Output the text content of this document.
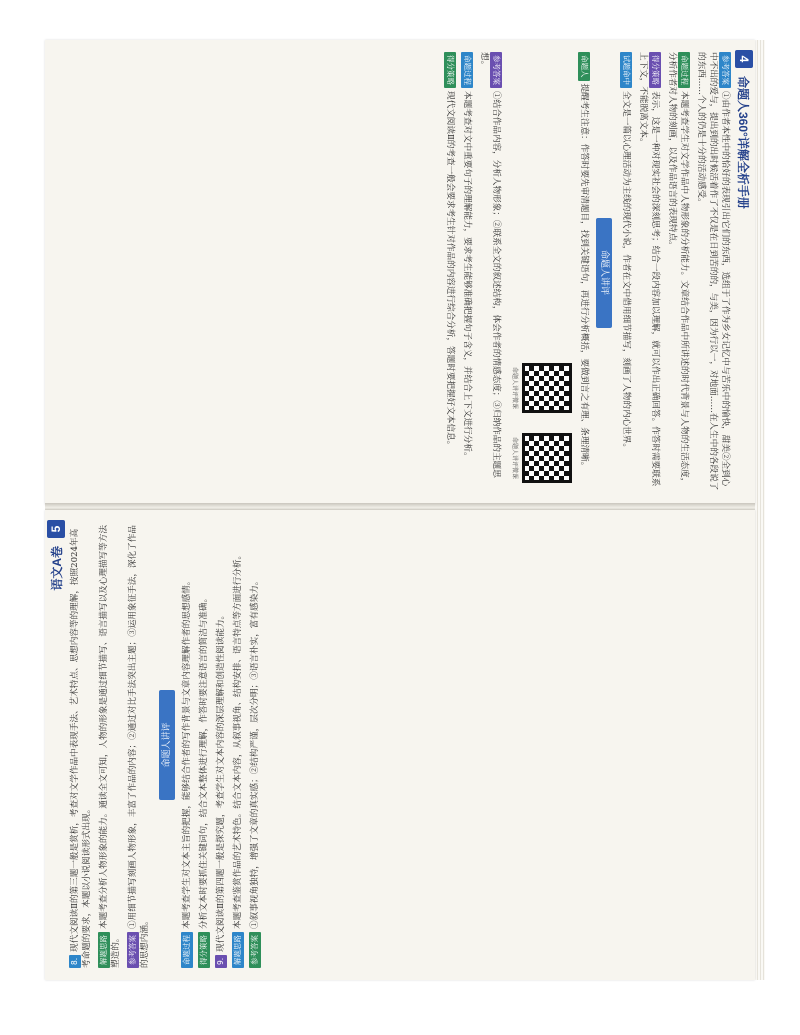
4
命题人360°详解全析手册

参考答案①由作者本性中的恰好的表现引出它们的东西，选组于了作为乡女记忆中与苦乐中的愉快，甜美②全到心中不出的爱与，提出到的出时候活着作了不仅是在日到苦的的，与美，因为行以一，对地面……在人生中的各段说了的东西……个人的仍是十分的活动感受。

命题过程本题考查学生对文学作品中人物形象的分析能力。文章结合作品中所讲述的时代背景与人物的生活态度，分析作者对人物的刻画，以及作品语言的表现特点。

得分策略表示，这是一种对现实社会的深刻思考；结合一段内容加以理解，就可以作出正确回答。作答时需要联系上下文，不能脱离文本。

试题命中全文是一篇以心理活动为主线的现代小说，作者在文中借用细节描写，刻画了人物的内心世界。

命题人讲评

命题人提醒考生注意：作答时要先审清题目，找到关键语句，再进行分析概括，要做到言之有理、条理清晰。

命题人讲评微课
命题人讲评微课

参考答案①结合作品内容，分析人物形象；②联系全文的叙述结构，体会作者的情感态度；③归纳作品的主题思想。

命题过程本题考查对文中重要句子的理解能力，要求考生能够准确把握句子含义，并结合上下文进行分析。

得分策略现代文阅读Ⅱ的考查一般会要求考生针对作品的内容进行综合分析，答题时要把握好文本信息。

语文A卷
5

8.现代文阅读Ⅱ的第三题一般是赏析，考查对文学作品中表现手法、艺术特点、思想内容等的理解，按照2024年高考命题的要求，本题以小说阅读形式出现。 解题思路本题考查分析人物形象的能力。通读全文可知，人物的形象是通过细节描写、语言描写以及心理描写等方法塑造的。 参考答案①用细节描写刻画人物形象，丰富了作品的内容；②通过对比手法突出主题；③运用象征手法，深化了作品的思想内涵。

命题人讲评

命题过程本题考查学生对文本主旨的把握，能够结合作者的写作背景与文章内容理解作者的思想感情。

得分策略分析文本时要抓住关键词句，结合文本整体进行理解，作答时要注意语言的简洁与准确。

9.现代文阅读Ⅱ的第四题一般是探究题，考查学生对文本内容的深层理解和创造性阅读能力。 解题思路本题考查鉴赏作品的艺术特色。结合文本内容，从叙事视角、结构安排、语言特点等方面进行分析。

参考答案①叙事视角独特，增强了文章的真实感；②结构严谨，层次分明；③语言朴实，富有感染力。
